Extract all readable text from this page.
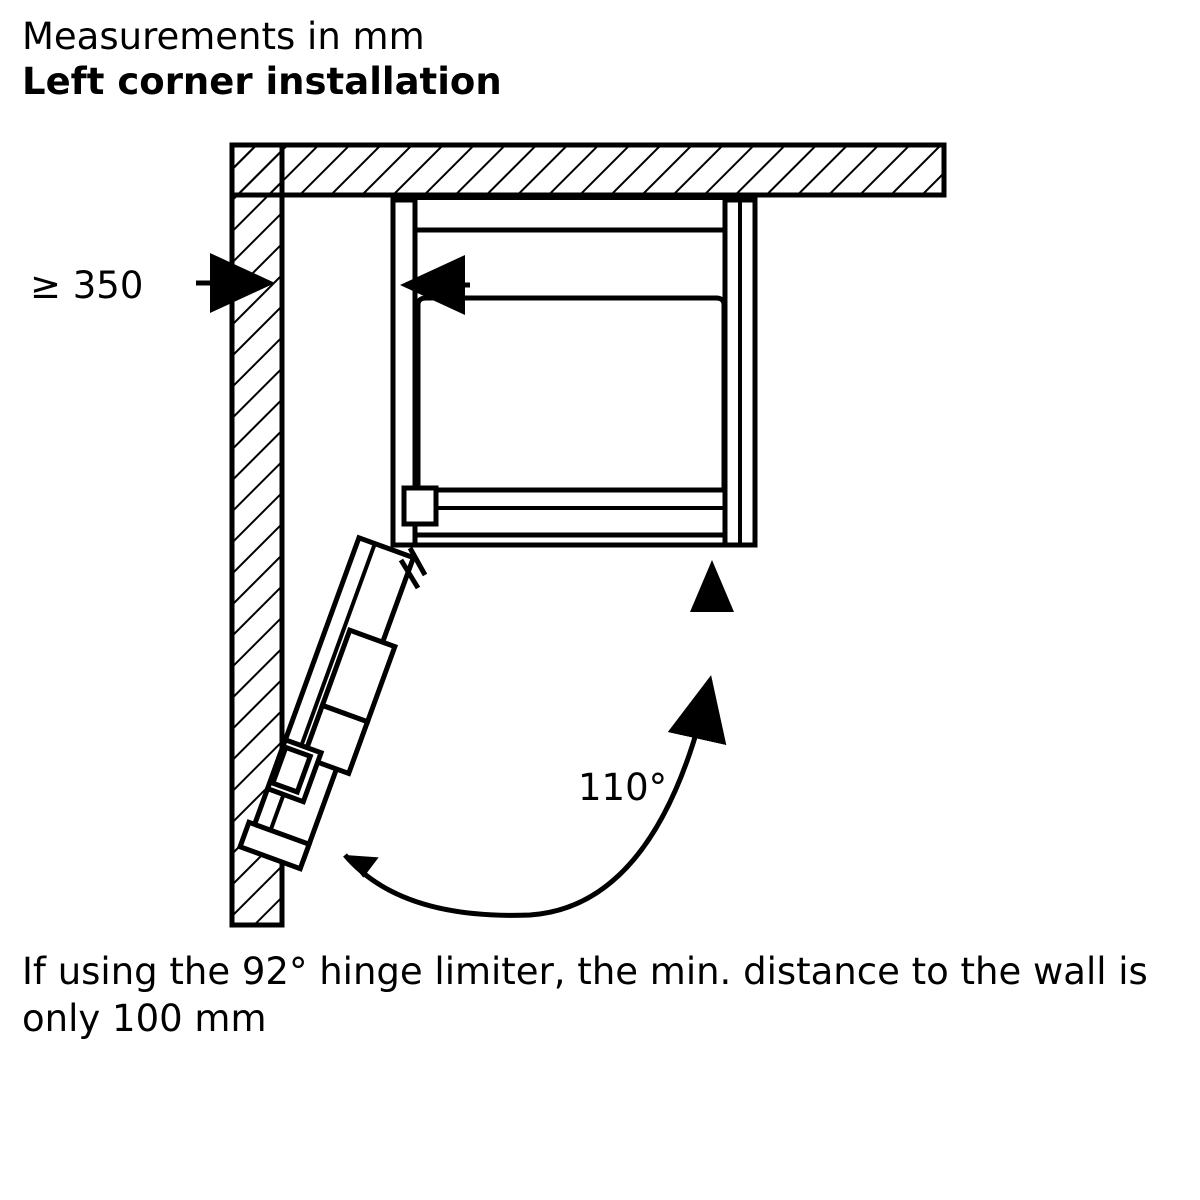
Measurements in mm
Left corner installation
≥ 350
110°
If using the 92° hinge limiter, the min. distance to the wall is only 100 mm
